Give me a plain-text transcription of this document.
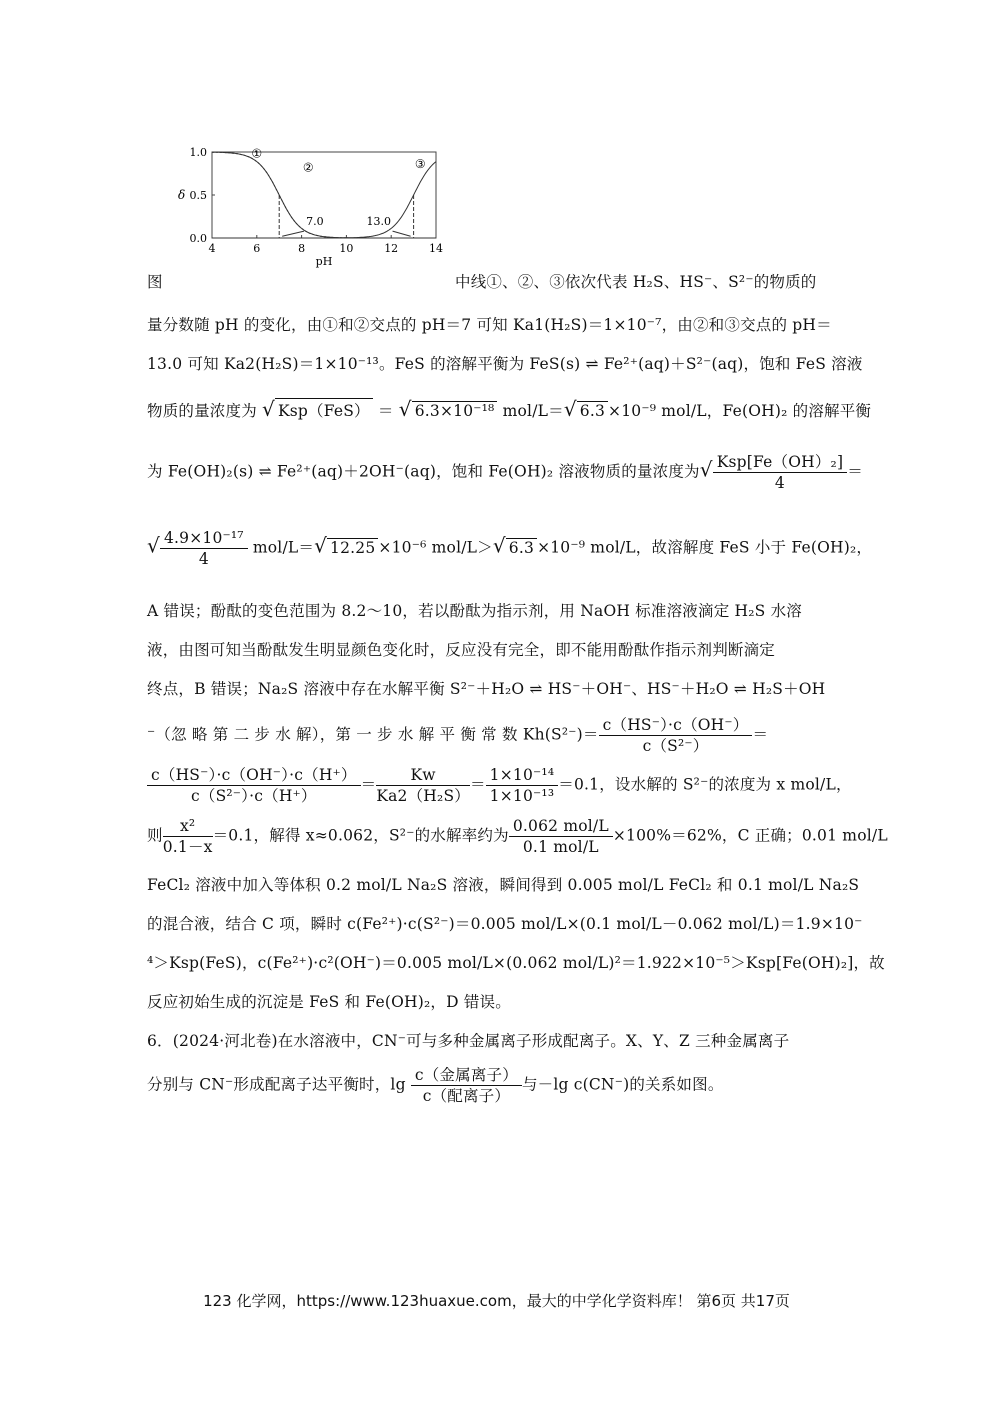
4	6	8	10	12	14
0.0
0.5
1.0
pH
δ
①
②	③
7.0	13.0
图	中线①、②、③依次代表 H₂S、HS⁻、S²⁻的物质的
量分数随 pH 的变化，由①和②交点的 pH＝7 可知 Ka1(H₂S)＝1×10⁻⁷，由②和③交点的 pH＝
13.0 可知 Ka2(H₂S)＝1×10⁻¹³。FeS 的溶解平衡为 FeS(s) ⇌ Fe²⁺(aq)＋S²⁻(aq)，饱和 FeS 溶液
物质的量浓度为 √ Ksp（FeS） ＝ √ 6.3×10⁻¹⁸ mol/L＝√ 6.3 ×10⁻⁹ mol/L，Fe(OH)₂ 的溶解平衡
为 Fe(OH)₂(s) ⇌ Fe²⁺(aq)＋2OH⁻(aq)，饱和 Fe(OH)₂ 溶液物质的量浓度为√ $\frac{\text{Ksp[Fe（OH）₂]}}{4}$ ＝
√ $\frac{\text{4.9×10⁻¹⁷}}{4} mol/L=√$ 12.25 ×10⁻⁶ mol/L＞√ 6.3 ×10⁻⁹ mol/L，故溶解度 FeS 小于 Fe(OH)₂，
A 错误；酚酞的变色范围为 8.2～10，若以酚酞为指示剂，用 NaOH 标准溶液滴定 H₂S 水溶
液，由图可知当酚酞发生明显颜色变化时，反应没有完全，即不能用酚酞作指示剂判断滴定
终点，B 错误；Na₂S 溶液中存在水解平衡 S²⁻＋H₂O ⇌ HS⁻＋OH⁻、HS⁻＋H₂O ⇌ H₂S＋OH
⁻（忽 略 第 二 步 水 解），第 一 步 水 解 平 衡 常 数 $Kh(S^{2-})= \frac{c(HS^-)\cdot c(OH^-)}{\text{c（S²⁻）}}$ ＝
$\frac{c(HS^-)\cdot c(OH^-)\cdot c(H^+)}{\text{c（S²⁻）·c（H⁺）}} = \frac{Kw}{\text{Ka2（H₂S）}} = \frac{\text{1×10⁻¹⁴}}{\text{1×10⁻¹³}} =0.1$，设水解的 S²⁻的浓度为 x mol/L，
则 $\frac{\text{x²}}{0.1-x} =0.1$，解得 x≈0.062，S²⁻的水解率约为 $\frac{\text{0.062 mol/L}}{\text{0.1 mol/L}} \times 100\%=62\%$，C 正确；0.01 mol/L
FeCl₂ 溶液中加入等体积 0.2 mol/L Na₂S 溶液，瞬间得到 0.005 mol/L FeCl₂ 和 0.1 mol/L Na₂S
的混合液，结合 C 项，瞬时 c(Fe²⁺)·c(S²⁻)＝0.005 mol/L×(0.1 mol/L－0.062 mol/L)＝1.9×10⁻
⁴＞Ksp(FeS)，c(Fe²⁺)·c²(OH⁻)＝0.005 mol/L×(0.062 mol/L)²＝1.922×10⁻⁵＞Ksp[Fe(OH)₂]，故
反应初始生成的沉淀是 FeS 和 Fe(OH)₂，D 错误。
6．(2024·河北卷)在水溶液中，CN⁻可与多种金属离子形成配离子。X、Y、Z 三种金属离子
分别与 CN⁻形成配离子达平衡时，$\lg \frac{\text{c（金属离子）}}{\text{c（配离子）}}$ 与－lg c(CN⁻)的关系如图。
123 化学网，https://www.123huaxue.com，最大的中学化学资料库！ 第6页 共17页
